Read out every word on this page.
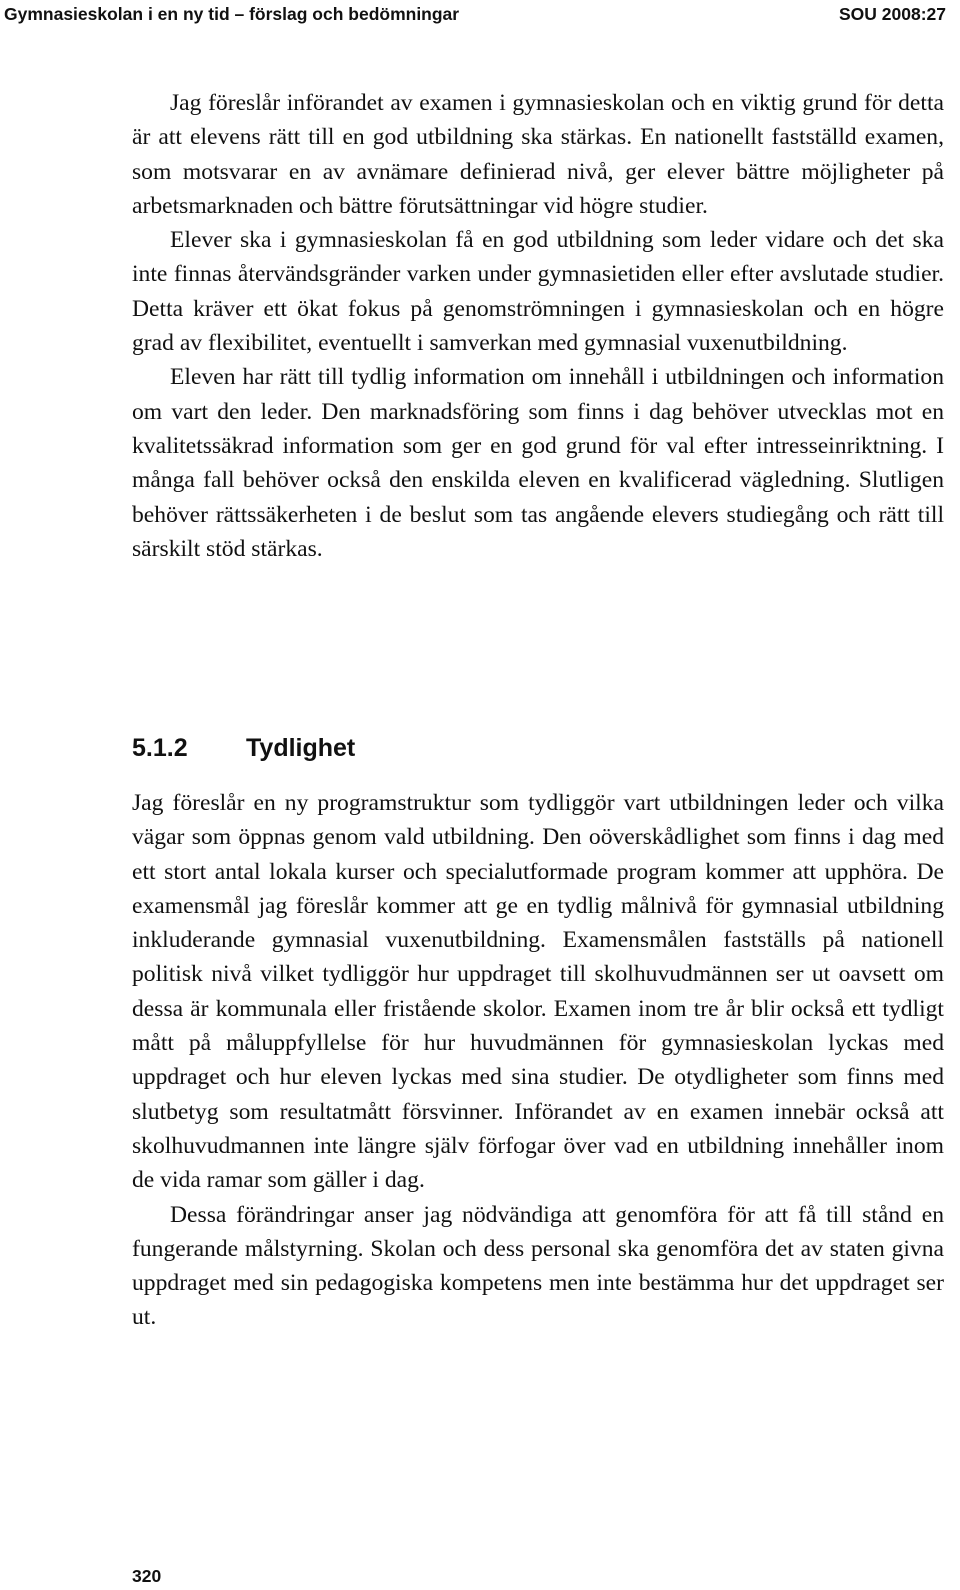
Gymnasieskolan i en ny tid – förslag och bedömningar	SOU 2008:27

Jag föreslår införandet av examen i gymnasieskolan och en viktig grund för detta är att elevens rätt till en god utbildning ska stärkas. En nationellt fastställd examen, som motsvarar en av avnämare definierad nivå, ger elever bättre möjligheter på arbetsmarknaden och bättre förutsättningar vid högre studier.

Elever ska i gymnasieskolan få en god utbildning som leder vidare och det ska inte finnas återvändsgränder varken under gymnasietiden eller efter avslutade studier. Detta kräver ett ökat fokus på genomströmningen i gymnasieskolan och en högre grad av flexibilitet, eventuellt i samverkan med gymnasial vuxenutbildning.

Eleven har rätt till tydlig information om innehåll i utbildningen och information om vart den leder. Den marknadsföring som finns i dag behöver utvecklas mot en kvalitetssäkrad information som ger en god grund för val efter intresseinriktning. I många fall behöver också den enskilda eleven en kvalificerad vägledning. Slutligen behöver rättssäkerheten i de beslut som tas angående elevers studiegång och rätt till särskilt stöd stärkas.

5.1.2 Tydlighet

Jag föreslår en ny programstruktur som tydliggör vart utbildningen leder och vilka vägar som öppnas genom vald utbildning. Den oöverskådlighet som finns i dag med ett stort antal lokala kurser och specialutformade program kommer att upphöra. De examensmål jag föreslår kommer att ge en tydlig målnivå för gymnasial utbildning inkluderande gymnasial vuxenutbildning. Examensmålen fastställs på nationell politisk nivå vilket tydliggör hur uppdraget till skolhuvudmännen ser ut oavsett om dessa är kommunala eller fristående skolor. Examen inom tre år blir också ett tydligt mått på måluppfyllelse för hur huvudmännen för gymnasieskolan lyckas med uppdraget och hur eleven lyckas med sina studier. De otydligheter som finns med slutbetyg som resultatmått försvinner. Införandet av en examen innebär också att skolhuvudmannen inte längre själv förfogar över vad en utbildning innehåller inom de vida ramar som gäller i dag.

Dessa förändringar anser jag nödvändiga att genomföra för att få till stånd en fungerande målstyrning. Skolan och dess personal ska genomföra det av staten givna uppdraget med sin pedagogiska kompetens men inte bestämma hur det uppdraget ser ut.

320
